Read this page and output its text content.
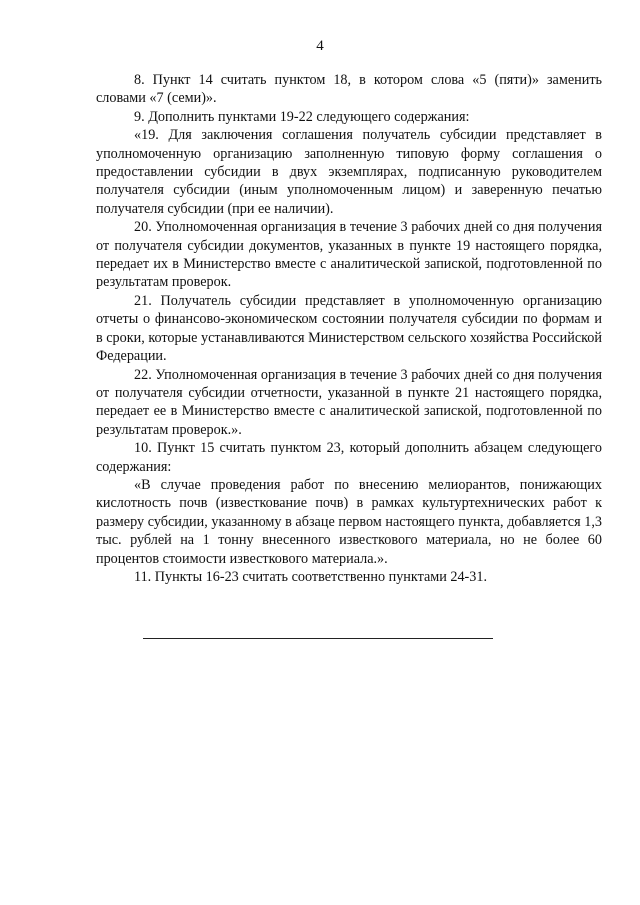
4

8. Пункт 14 считать пунктом 18, в котором слова «5 (пяти)» заменить словами «7 (семи)».

9. Дополнить пунктами 19-22 следующего содержания:

«19. Для заключения соглашения получатель субсидии представляет в уполномоченную организацию заполненную типовую форму соглашения о предоставлении субсидии в двух экземплярах, подписанную руководителем получателя субсидии (иным уполномоченным лицом) и заверенную печатью получателя субсидии (при ее наличии).

20. Уполномоченная организация в течение 3 рабочих дней со дня получения от получателя субсидии документов, указанных в пункте 19 настоящего порядка, передает их в Министерство вместе с аналитической запиской, подготовленной по результатам проверок.

21. Получатель субсидии представляет в уполномоченную организацию отчеты о финансово-экономическом состоянии получателя субсидии по формам и в сроки, которые устанавливаются Министерством сельского хозяйства Российской Федерации.

22. Уполномоченная организация в течение 3 рабочих дней со дня получения от получателя субсидии отчетности, указанной в пункте 21 настоящего порядка, передает ее в Министерство вместе с аналитической запиской, подготовленной по результатам проверок.».

10. Пункт 15 считать пунктом 23, который дополнить абзацем следующего содержания:

«В случае проведения работ по внесению мелиорантов, понижающих кислотность почв (известкование почв) в рамках культуртехнических работ к размеру субсидии, указанному в абзаце первом настоящего пункта, добавляется 1,3 тыс. рублей на 1 тонну внесенного известкового материала, но не более 60 процентов стоимости известкового материала.».

11. Пункты 16-23 считать соответственно пунктами 24-31.
